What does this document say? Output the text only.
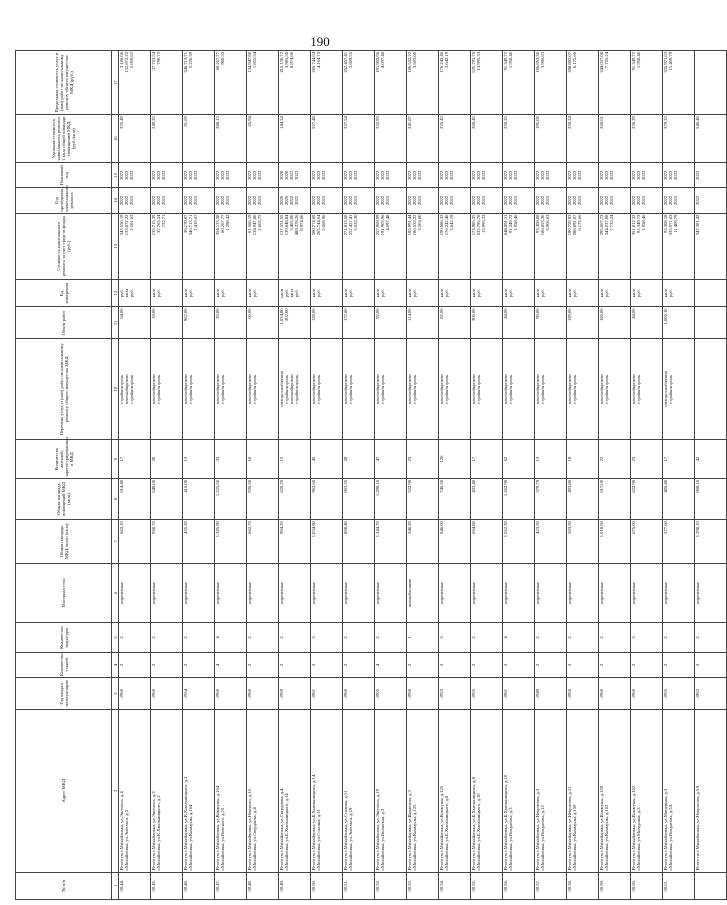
190
№ п/п	Адрес МКД	Год ввода в эксплуатацию	Количество этажей	Количество подъездов	Материал стен	Общая площадь МКД, всего (кв.м)	Общая площадь помещений МКД (кв.м)	Количество жителей, зарегистрированных в МКД	Перечень услуг и (или) работ по капитальному ремонту общего имущества МКД	Объем работ	Ед. измерения	Стоимость капитального ремонта за счет средств фонда (руб.)	Год проведения капитального ремонта	Плановый год	Удельная стоимость капитального ремонта 1 кв.м общей площади помещений МКД (руб./кв.м)	Предельная стоимость услуг и (или) работ по капитальному ремонту общего имущества МКД (руб.)
1	2	3	4	5	6	7	8	9	10	11	12	13	14	15	16	17
59.44.	Итого по г.Михайловка, ул.Энгельса, д.4 г.Михайловка, ул.Энгельса, д.3	1960	2	2	кирпичные	663,10	614,40	17	стройконтроль плоскойкровли стройконтроль	64,00	руб. кв.м руб.	343.550,19 133.872,22 2.581,62	2022 2022 2022	2022 2022 2022	335,49	3.186,06 132.872,22 5.009,62

59.45.	Итого по г.Михайловка, ул.Энгельса, д.3 г.Михайловка, ул.К.Хмельницкого, д.2	1960	2	2	кирпичные	958,70	640,00	20	плоскойкровли стройконтроль	18,00	кв.м руб.	135.715,39 37.763,54 722,71	2022 2022 2022	2022 2022 2022	249,20	37.763,54 790,73

59.46.	Итого по г.Михайловка, ул.К.Хмельницкого, д.2 г.Михайловка, ул.Коммуны, д.164	1954	2	2	кирпичные	455,20	416,00	13	плоскойкровли стройконтроль	962,00	кв.м руб.	38.170,07 346.713,71 7.419,67	2022 2022 2022	2022 2022 2022	91,69	346.713,71 5.220,59

59.47.	Итого по г.Михайловка, ул.Коммуны, д.164 г.Михайловка, ул.Невского, д.15	1960	4	4	кирпичные	1.385,90	1.225,50	33	плоскойкровли стройконтроль	20,00	кв.м руб.	354.133,38 60.267,77 1.298,42	2022 2022 2022	2022 2022 2022	288,15	60.267,77 900,53

59.48.	Итого по г.Михайловка, ул.Невского, д.15 г.Михайловка, ул.Свердлова, д.4	1960	2	2	кирпичные	662,70	936,30	16	плоскойкровли стройконтроль	60,00	кв.м руб.	61.566,19 134.947,80 2.603,75	2022 2022 2022	2022 2022 2022	65,94	134.947,80 1.855,54

59.49.	Итого по г.Михайловка, ул.Свердлова, д.4 г.Михайловка, ул.Б.Хмельницкого, д.14	1959	2	2	кирпичные	904,20	620,20	15	электроснабжения стройконтроль плоскойкровли стройконтроль	1.034,80 202,00	шт.м руб. кв.м руб.	137.551,55 139.648,84 3.403,00 489.278,26 8.974,60	2020 2020 2022 2022	2020 2020 2022 2022	144,34	415.130,72 3.983,50 8.974,60

59.50.	Итого по г.Михайловка, ул.Б.Хмельницкого, д.14 г.Михайловка, ул.Сталина, д.11	1961	3	3	кирпичные	1.034,90	962,60	45	плоскойкровли стройконтроль	128,00	кв.м руб.	500.774,69 265.744,64 5.068,96	2022 2022 2022	2022 2022 2022	557,48	265.744,64 4.164,73

59.51.	Итого по г.Михайловка, ул.Сталина, д.11 г.Михайловка, ул.Энгельса, д.19	1960	2	2	кирпичные	808,40	803,30	28	плоскойкровли стройконтроль	172,60	кв.м руб.	271.813,58 252.457,41 5.022,30	2022 2022 2022	2022 2022 2022	337,54	252.457,41 3.609,55

59.52.	Итого по г.Михайловка, ул.Энгельса, д.19 г.Михайловка, ул.Волжская, д.3	1965	4	2	кирпичные	1.344,70	1.298,10	47	плоскойкровли стройконтроль	92,00	кв.м руб.	257.969,99 191.903,96 4.097,48	2022 2022 2022	2022 2022 2022	332,93	191.903,96 4.097,48

59.53.	Итого по г.Михайловка, ул.Волжская, д.3 г.Михайловка, ул.Коммуны, д.125	1950	2	1	шлакоблочные	546,20	522,90	23	плоскойкровли стройконтроль	114,00	кв.м руб.	195.991,44 186.532,22 3.503,00	2022 2022 2022	2022 2022 2022	241,87	186.532,22 3.503,00

59.54.	Итого по г.Михайловка, ул.Коммуны, д.125 г.Михайловка, ул.Б.Хмельницкого, д.8	1953	3	3	кирпичные	846,00	746,30	126	плоскойкровли стройконтроль	82,00	кв.м руб.	190.086,32 176.242,46 3.642,19	2022 2022 2022	2022 2022 2022	225,43	176.242,46 3.642,19

59.55.	Итого по г.Михайловка, ул.Б.Хмельницкого, д.8 г.Михайловка, ул.Б.Хмельницкого, д.10	1955	2	2	кирпичные	664,80	432,40	17	плоскойкровли стройконтроль	306,00	кв.м руб.	173.985,35 635.795,78 13.995,33	2022 2022 2022	2022 2022 2022	268,45	635.795,78 13.995,33

59.56.	Итого по г.Михайловка, ул.Б.Хмельницкого, д.10 г.Михайловка, ул.Некрасова, д.3	1961	3	4	кирпичные	1.552,30	1.262,90	62	плоскойкровли стройконтроль	44,00	кв.м руб.	648.891,11 91.349,72 1.958,46	2022 2022 2022	2022 2022 2022	258,26	91.349,72 1.958,46

59.57.	Итого по г.Михайловка, ул.Некрасова, д.3 г.Михайловка, ул.Некрасова, д.12	1949	2	2	кирпичные	423,50	379,79	13	плоскойкровли стройконтроль	90,00	кв.м руб.	93.308,08 186.853,30 3.906,63	2022 2022 2022	2022 2022 2022	195,08	186.853,30 3.906,63

59.58.	Итого по г.Михайловка, ул.Некрасова, д.12 г.Михайловка, ул.Коммуны, д.159	1956	3	2	кирпичные	503,50	493,80	18	плоскойкровли стройконтроль	139,00	кв.м руб.	190.759,93 288.892,07 6.175,66	2022 2022 2022	2022 2022 2022	258,24	288.892,07 6.175,66

59.59.	Итого по г.Михайловка, ул.Коммуны, д.159 г.Михайловка, ул.Коммуны, д.162	1960	2	2	кирпичные	1.018,50	617,00	22	плоскойкровли стройконтроль	160,00	кв.м руб.	295.067,73 344.037,08 7.735,24	2022 2022 2022	2022 2022 2022	268,61	344.037,08 7.735,24

59.60.	Итого по г.Михайловка, ул.Коммуны, д.162 г.Михайловка, ул.Мичурина, д.3	1960	2	3	кирпичные	675,00	622,90	23	плоскойкровли стройконтроль	44,00	кв.м руб.	351.812,32 91.349,72 1.958,46	2022 2022 2022	2022 2022 2022	236,29	91.349,72 1.958,46

59.61.	Итого по г.Михайловка, ул.Мичурина, д.3 г.Михайловка, ул.Некрасова, д.5А	1955	2	2	кирпичные	577,60	406,40	17	электроснабжения стройконтроль	1.000,10	кв.м руб.	93.308,18 335.971,63 11.409,79	2022 2022 2022	2022 2022 2022	379,33	335.971,63 11.409,79

	Итого по г.Михайловка, ул.Некрасова, д.5А	1982	3	2	кирпичные	1.298,10	808,10	42				347.381,42	2022	2022	546,46	
